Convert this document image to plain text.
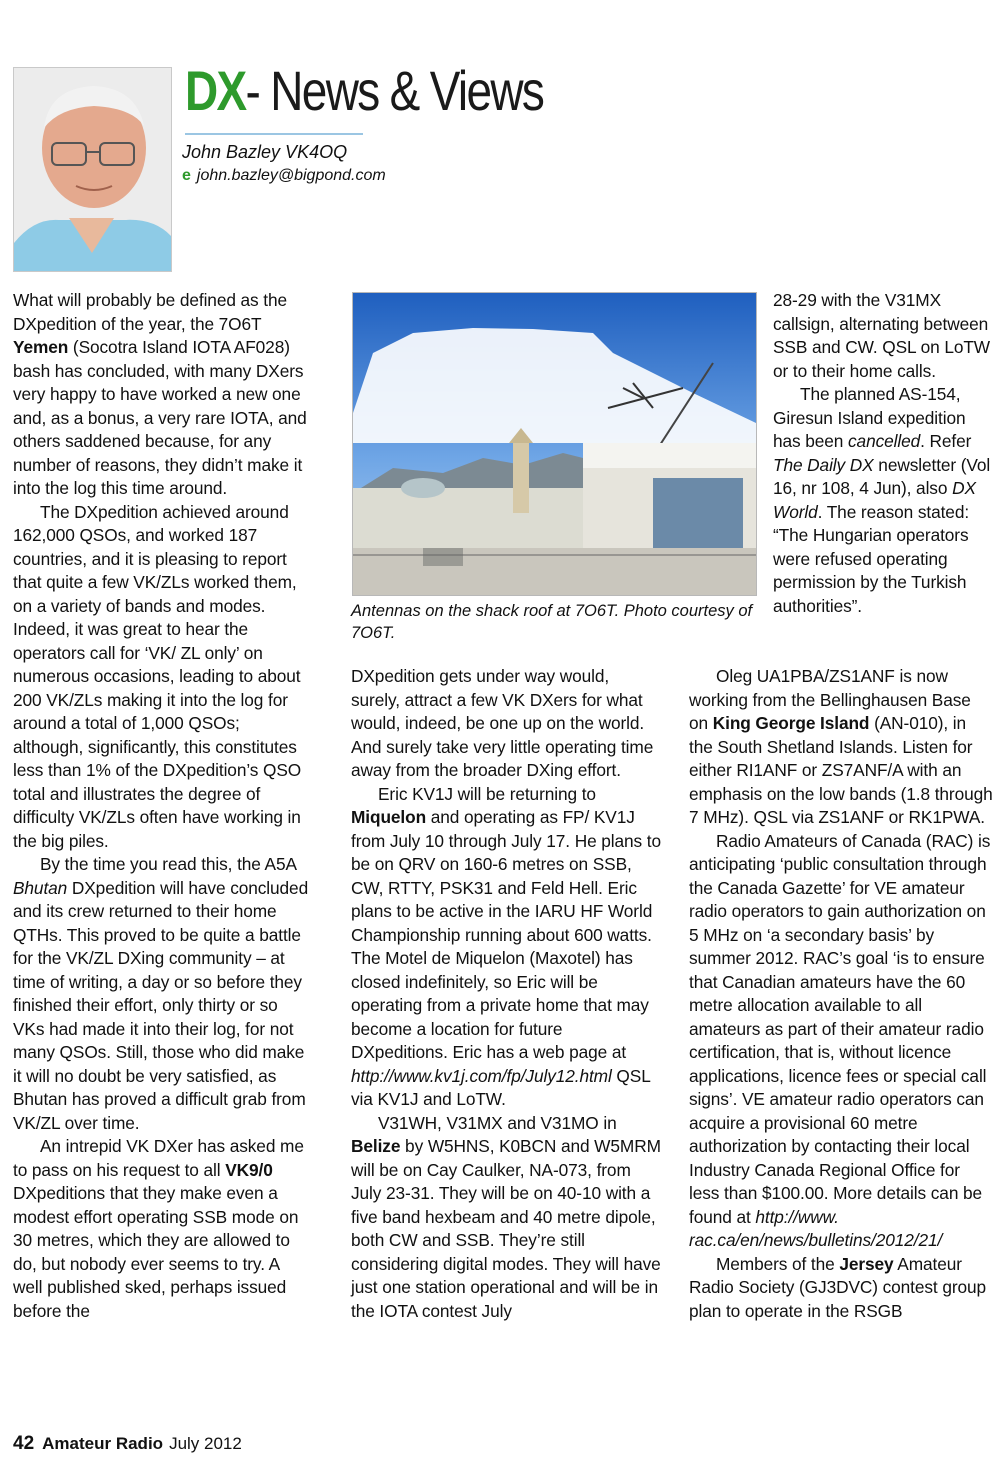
DX- News & Views
John Bazley VK4OQ
e john.bazley@bigpond.com

What will probably be defined as the DXpedition of the year, the 7O6T Yemen (Socotra Island IOTA AF028) bash has concluded, with many DXers very happy to have worked a new one and, as a bonus, a very rare IOTA, and others saddened because, for any number of reasons, they didn’t make it into the log this time around.

The DXpedition achieved around 162,000 QSOs, and worked 187 countries, and it is pleasing to report that quite a few VK/ZLs worked them, on a variety of bands and modes. Indeed, it was great to hear the operators call for ‘VK/ ZL only’ on numerous occasions, leading to about 200 VK/ZLs making it into the log for around a total of 1,000 QSOs; although, significantly, this constitutes less than 1% of the DXpedition’s QSO total and illustrates the degree of difficulty VK/ZLs often have working in the big piles.

By the time you read this, the A5A Bhutan DXpedition will have concluded and its crew returned to their home QTHs. This proved to be quite a battle for the VK/ZL DXing community – at time of writing, a day or so before they finished their effort, only thirty or so VKs had made it into their log, for not many QSOs. Still, those who did make it will no doubt be very satisfied, as Bhutan has proved a difficult grab from VK/ZL over time.

An intrepid VK DXer has asked me to pass on his request to all VK9/0 DXpeditions that they make even a modest effort operating SSB mode on 30 metres, which they are allowed to do, but nobody ever seems to try. A well published sked, perhaps issued before the

Antennas on the shack roof at 7O6T. Photo courtesy of 7O6T.

DXpedition gets under way would, surely, attract a few VK DXers for what would, indeed, be one up on the world. And surely take very little operating time away from the broader DXing effort.

Eric KV1J will be returning to Miquelon and operating as FP/ KV1J from July 10 through July 17. He plans to be on QRV on 160-6 metres on SSB, CW, RTTY, PSK31 and Feld Hell. Eric plans to be active in the IARU HF World Championship running about 600 watts. The Motel de Miquelon (Maxotel) has closed indefinitely, so Eric will be operating from a private home that may become a location for future DXpeditions. Eric has a web page at http://www.kv1j.com/fp/July12.html QSL via KV1J and LoTW.

V31WH, V31MX and V31MO in Belize by W5HNS, K0BCN and W5MRM will be on Cay Caulker, NA-073, from July 23-31. They will be on 40-10 with a five band hexbeam and 40 metre dipole, both CW and SSB. They’re still considering digital modes. They will have just one station operational and will be in the IOTA contest July

28-29 with the V31MX callsign, alternating between SSB and CW. QSL on LoTW or to their home calls.

The planned AS-154, Giresun Island expedition has been cancelled. Refer The Daily DX newsletter (Vol 16, nr 108, 4 Jun), also DX World. The reason stated: “The Hungarian operators were refused operating permission by the Turkish authorities”.

Oleg UA1PBA/ZS1ANF is now working from the Bellinghausen Base on King George Island (AN-010), in the South Shetland Islands. Listen for either RI1ANF or ZS7ANF/A with an emphasis on the low bands (1.8 through 7 MHz). QSL via ZS1ANF or RK1PWA.

Radio Amateurs of Canada (RAC) is anticipating ‘public consultation through the Canada Gazette’ for VE amateur radio operators to gain authorization on 5 MHz on ‘a secondary basis’ by summer 2012. RAC’s goal ‘is to ensure that Canadian amateurs have the 60 metre allocation available to all amateurs as part of their amateur radio certification, that is, without licence applications, licence fees or special call signs’. VE amateur radio operators can acquire a provisional 60 metre authorization by contacting their local Industry Canada Regional Office for less than $100.00. More details can be found at http://www. rac.ca/en/news/bulletins/2012/21/

Members of the Jersey Amateur Radio Society (GJ3DVC) contest group plan to operate in the RSGB

42 Amateur Radio July 2012
